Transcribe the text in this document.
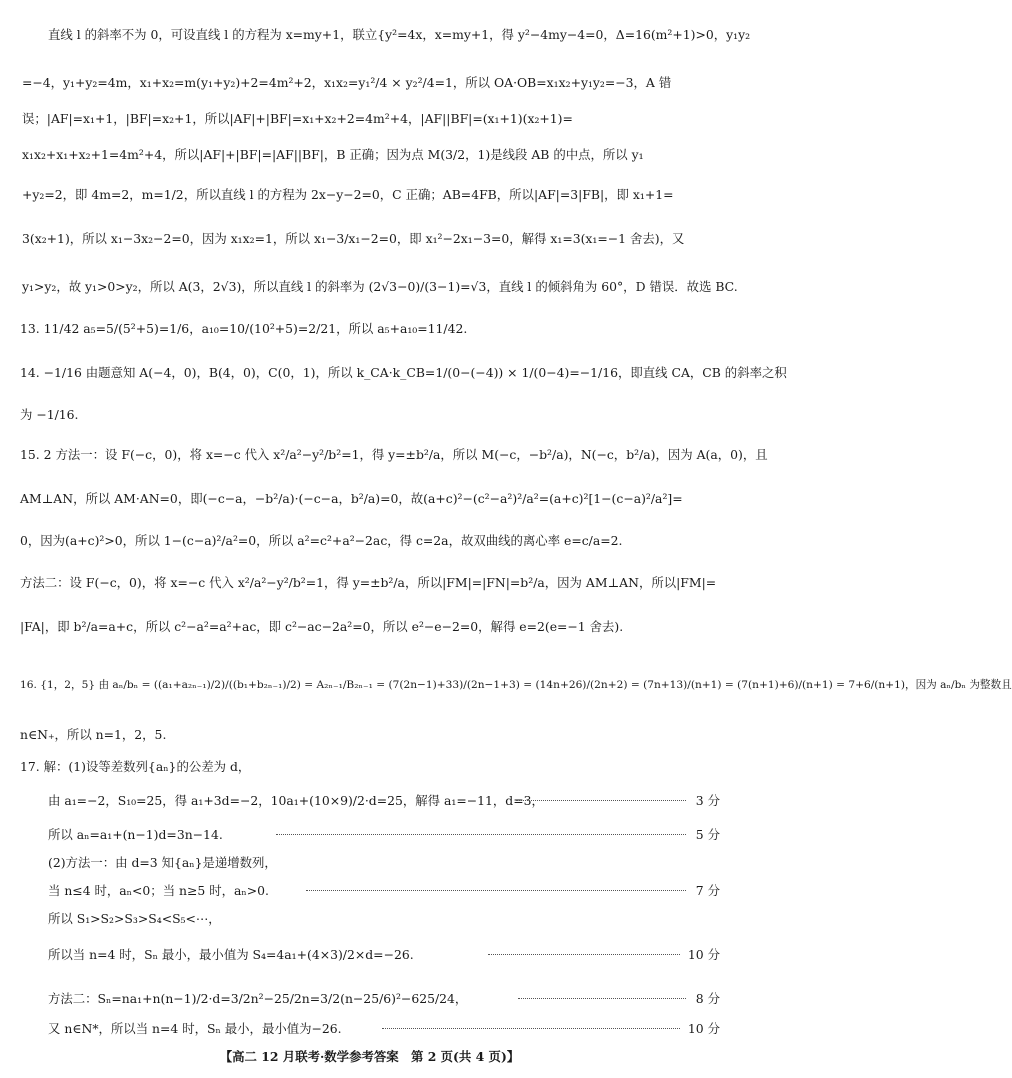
直线 l 的斜率不为 0，可设直线 l 的方程为 x=my+1，联立{y²=4x，x=my+1，得 y²−4my−4=0，Δ=16(m²+1)>0，y₁y₂
=−4，y₁+y₂=4m，x₁+x₂=m(y₁+y₂)+2=4m²+2，x₁x₂=y₁²/4 × y₂²/4=1，所以 OA·OB=x₁x₂+y₁y₂=−3，A 错
误；|AF|=x₁+1，|BF|=x₂+1，所以|AF|+|BF|=x₁+x₂+2=4m²+4，|AF||BF|=(x₁+1)(x₂+1)=
x₁x₂+x₁+x₂+1=4m²+4，所以|AF|+|BF|=|AF||BF|，B 正确；因为点 M(3/2，1)是线段 AB 的中点，所以 y₁
+y₂=2，即 4m=2，m=1/2，所以直线 l 的方程为 2x−y−2=0，C 正确；AB=4FB，所以|AF|=3|FB|，即 x₁+1=
3(x₂+1)，所以 x₁−3x₂−2=0，因为 x₁x₂=1，所以 x₁−3/x₁−2=0，即 x₁²−2x₁−3=0，解得 x₁=3(x₁=−1 舍去)，又
y₁>y₂，故 y₁>0>y₂，所以 A(3，2√3)，所以直线 l 的斜率为 (2√3−0)/(3−1)=√3，直线 l 的倾斜角为 60°，D 错误．故选 BC.
13. 11/42 a₅=5/(5²+5)=1/6，a₁₀=10/(10²+5)=2/21，所以 a₅+a₁₀=11/42.
14. −1/16 由题意知 A(−4，0)，B(4，0)，C(0，1)，所以 k_CA·k_CB=1/(0−(−4)) × 1/(0−4)=−1/16，即直线 CA，CB 的斜率之积
为 −1/16.
15. 2 方法一：设 F(−c，0)，将 x=−c 代入 x²/a²−y²/b²=1，得 y=±b²/a，所以 M(−c，−b²/a)，N(−c，b²/a)，因为 A(a，0)，且
AM⊥AN，所以 AM·AN=0，即(−c−a，−b²/a)·(−c−a，b²/a)=0，故(a+c)²−(c²−a²)²/a²=(a+c)²[1−(c−a)²/a²]=
0，因为(a+c)²>0，所以 1−(c−a)²/a²=0，所以 a²=c²+a²−2ac，得 c=2a，故双曲线的离心率 e=c/a=2.
方法二：设 F(−c，0)，将 x=−c 代入 x²/a²−y²/b²=1，得 y=±b²/a，所以|FM|=|FN|=b²/a，因为 AM⊥AN，所以|FM|=
|FA|，即 b²/a=a+c，所以 c²−a²=a²+ac，即 c²−ac−2a²=0，所以 e²−e−2=0，解得 e=2(e=−1 舍去).
16. {1，2，5} 由 aₙ/bₙ = ((a₁+a₂ₙ₋₁)/2)/((b₁+b₂ₙ₋₁)/2) = A₂ₙ₋₁/B₂ₙ₋₁ = (7(2n−1)+33)/(2n−1+3) = (14n+26)/(2n+2) = (7n+13)/(n+1) = (7(n+1)+6)/(n+1) = 7+6/(n+1)，因为 aₙ/bₙ 为整数且
n∈N₊，所以 n=1，2，5.
17. 解：(1)设等差数列{aₙ}的公差为 d，
由 a₁=−2，S₁₀=25，得 a₁+3d=−2，10a₁+(10×9)/2·d=25，解得 a₁=−11，d=3，	3 分
所以 aₙ=a₁+(n−1)d=3n−14.	5 分
(2)方法一：由 d=3 知{aₙ}是递增数列，
当 n≤4 时，aₙ<0；当 n≥5 时，aₙ>0.	7 分
所以 S₁>S₂>S₃>S₄<S₅<⋯，
所以当 n=4 时，Sₙ 最小，最小值为 S₄=4a₁+(4×3)/2×d=−26.	10 分
方法二：Sₙ=na₁+n(n−1)/2·d=3/2n²−25/2n=3/2(n−25/6)²−625/24，	8 分
又 n∈N*，所以当 n=4 时，Sₙ 最小，最小值为−26.	10 分
【高二 12 月联考·数学参考答案　第 2 页(共 4 页)】
